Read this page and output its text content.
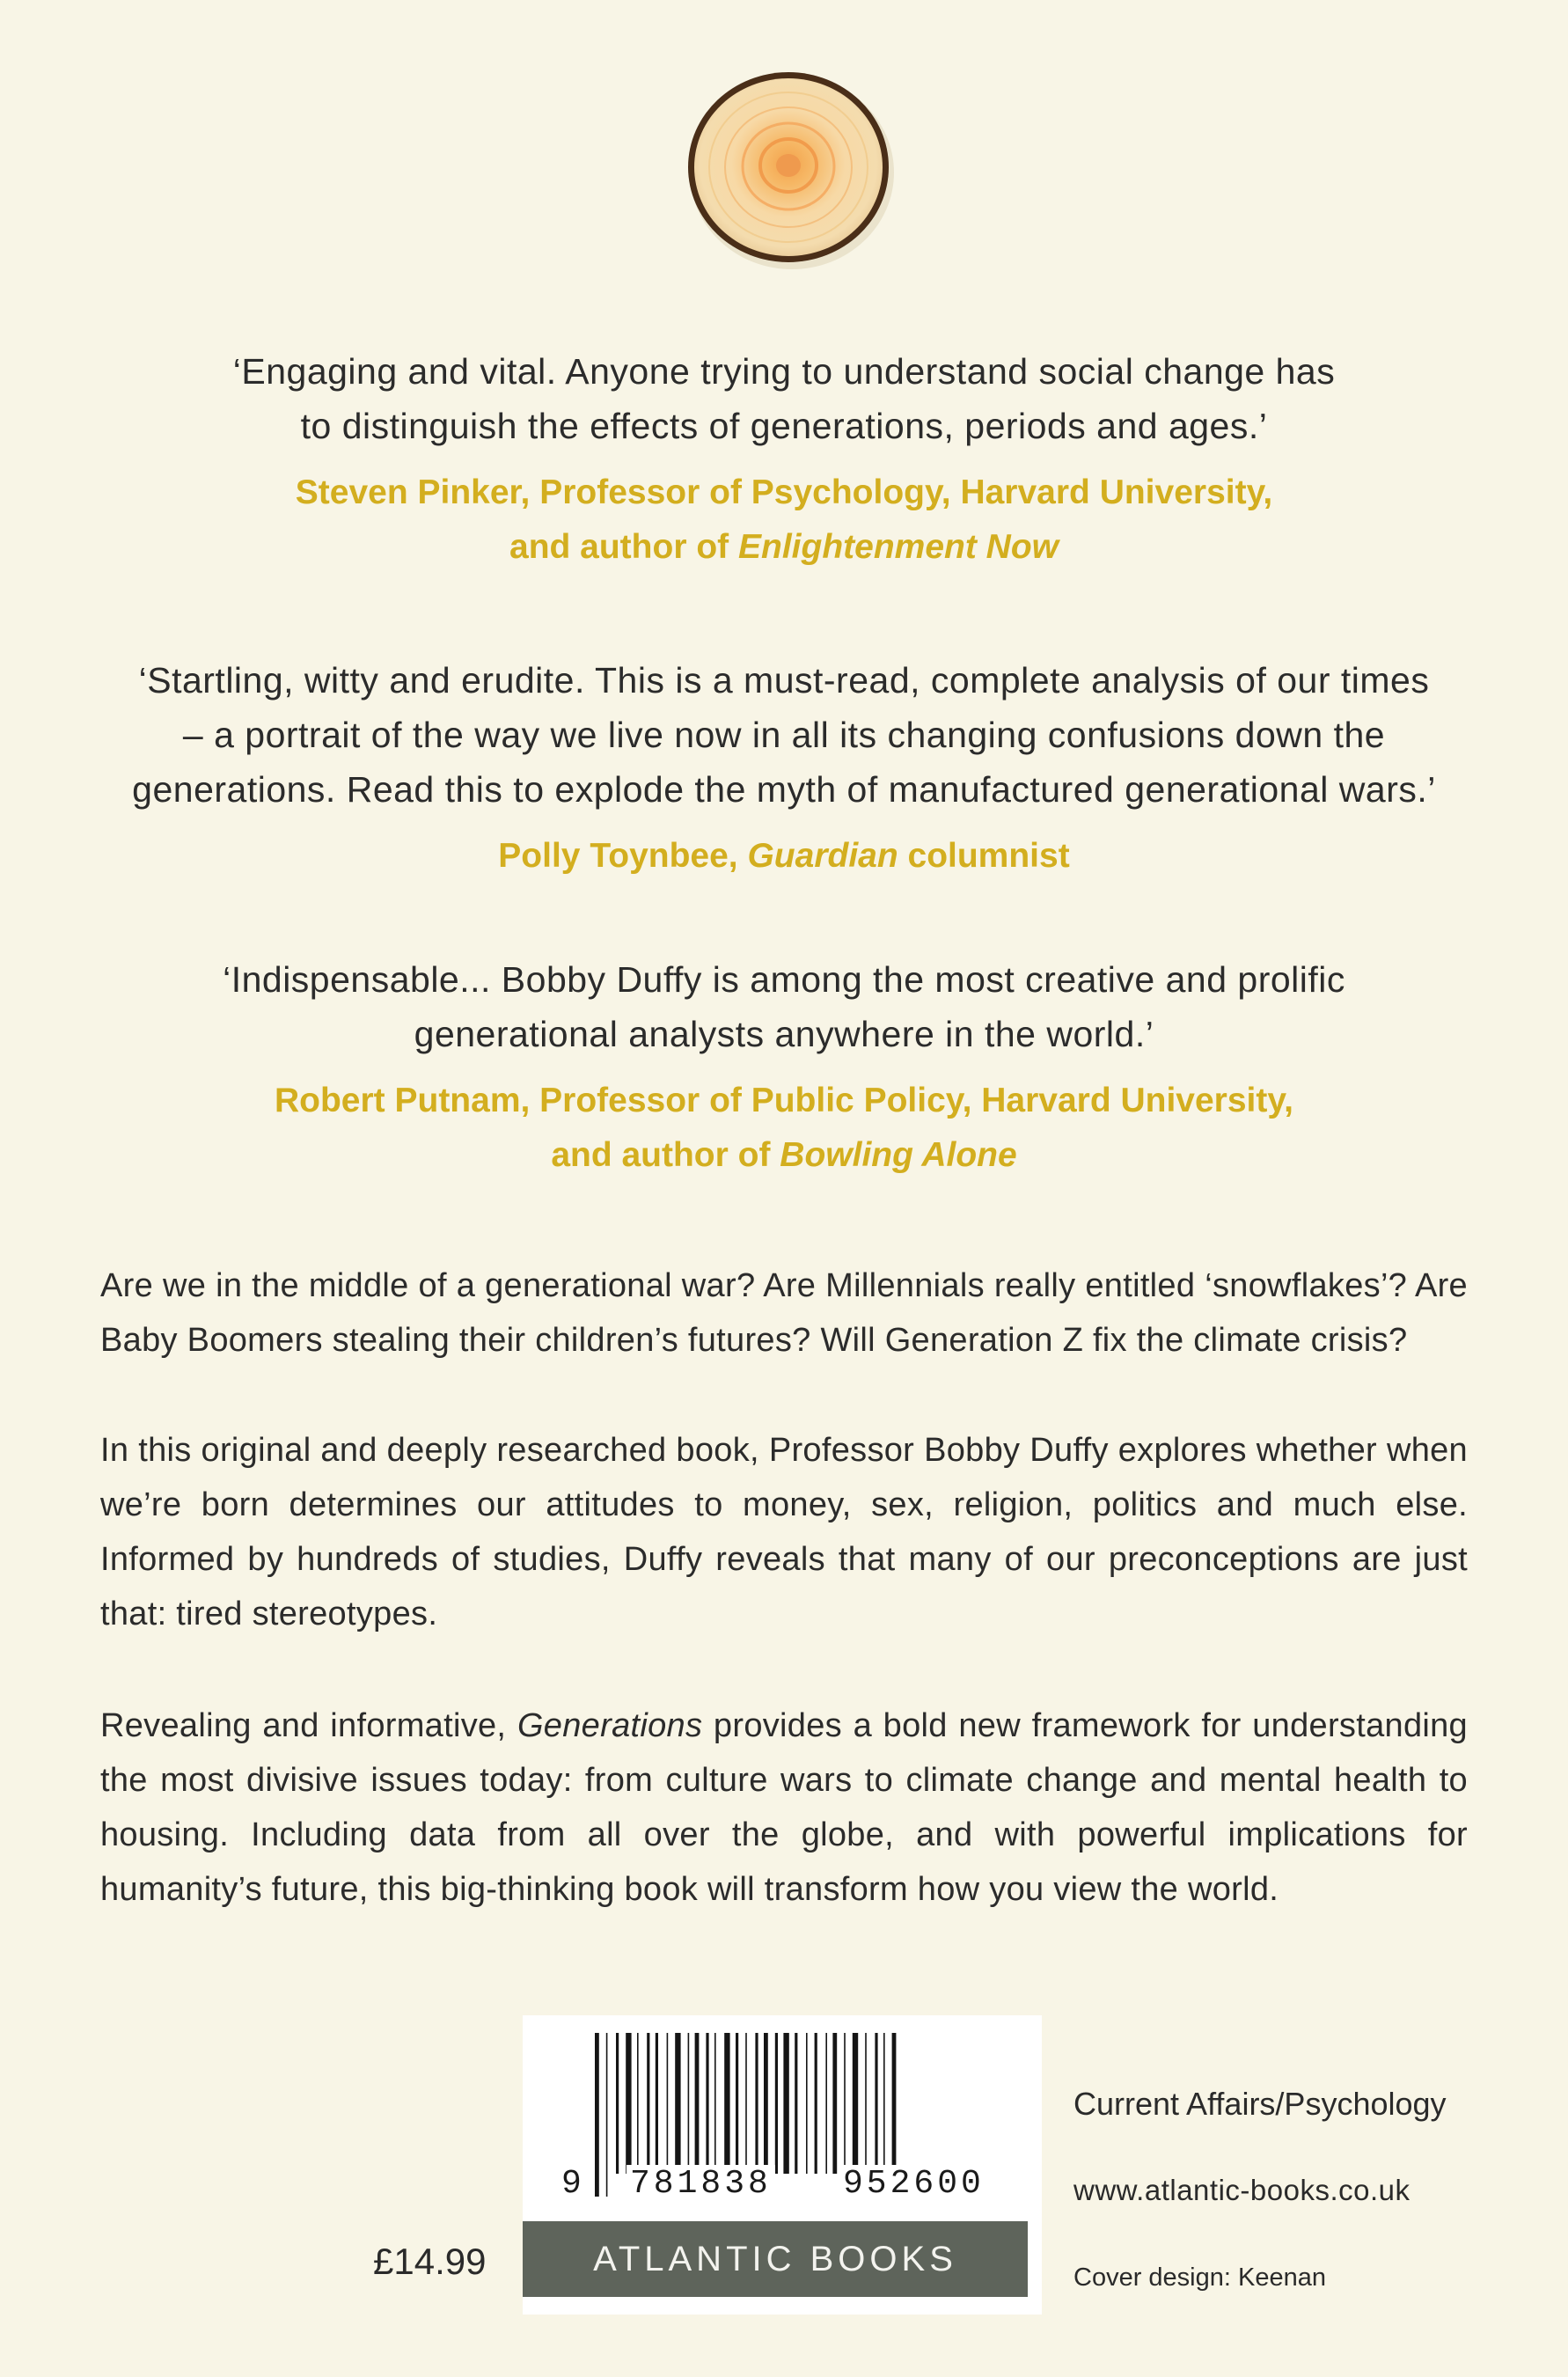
‘Engaging and vital. Anyone trying to understand social change has

to distinguish the effects of generations, periods and ages.’

Steven Pinker, Professor of Psychology, Harvard University,
and author of Enlightenment Now

‘Startling, witty and erudite. This is a must-read, complete analysis of our times

– a portrait of the way we live now in all its changing confusions down the

generations. Read this to explode the myth of manufactured generational wars.’

Polly Toynbee, Guardian columnist

‘Indispensable... Bobby Duffy is among the most creative and prolific

generational analysts anywhere in the world.’

Robert Putnam, Professor of Public Policy, Harvard University,
and author of Bowling Alone

Are we in the middle of a generational war? Are Millennials really entitled ‘snowflakes’? Are Baby Boomers stealing their children’s futures? Will Generation Z fix the climate crisis?

In this original and deeply researched book, Professor Bobby Duffy explores whether when we’re born determines our attitudes to money, sex, religion, politics and much else. Informed by hundreds of studies, Duffy reveals that many of our preconceptions are just that: tired stereotypes.

Revealing and informative, Generations provides a bold new framework for understanding the most divisive issues today: from culture wars to climate change and mental health to housing. Including data from all over the globe, and with powerful implications for humanity’s future, this big-thinking book will transform how you view the world.

9 781838 952600
ATLANTIC BOOKS
£14.99
Current Affairs/Psychology
www.atlantic-books.co.uk
Cover design: Keenan
